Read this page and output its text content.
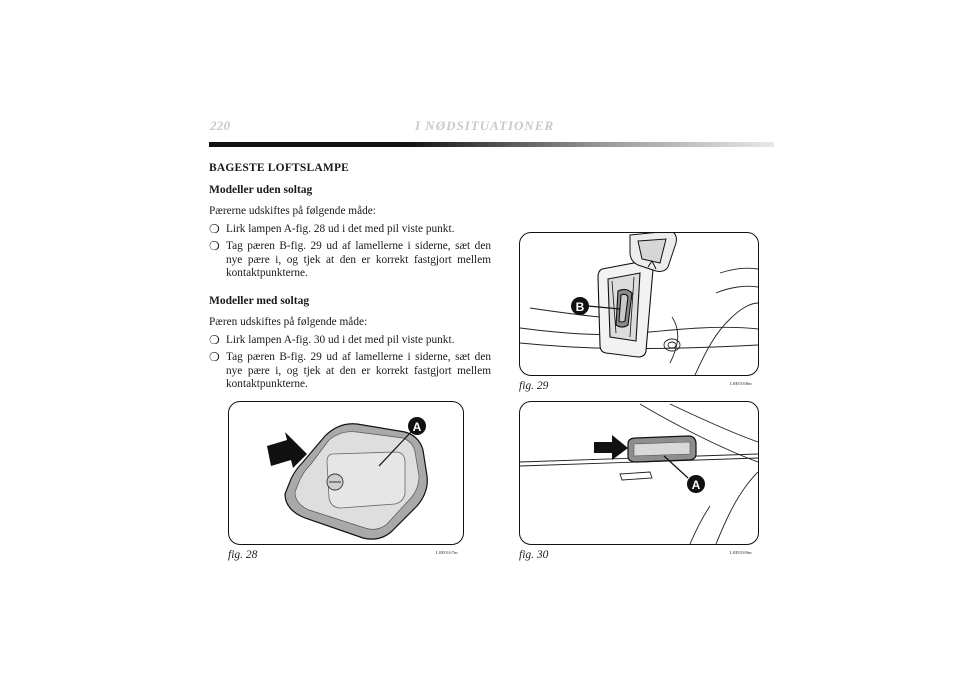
220	I NØDSITUATIONER
BAGESTE LOFTSLAMPE
Modeller uden soltag
Pærerne udskiftes på følgende måde:
❍ Lirk lampen A-fig. 28 ud i det med pil viste punkt.
❍ Tag pæren B-fig. 29 ud af lamellerne i siderne, sæt den nye pære i, og tjek at den er korrekt fastgjort mellem kontaktpunkterne.
Modeller med soltag
Pæren udskiftes på følgende måde:
❍ Lirk lampen A-fig. 30 ud i det med pil viste punkt.
❍ Tag pæren B-fig. 29 ud af lamellerne i siderne, sæt den nye pære i, og tjek at den er korrekt fastgjort mellem kontaktpunkterne.
B
fig. 29	L0E0168m
A
fig. 28	L0E0167m
A
fig. 30	L0E0169m
